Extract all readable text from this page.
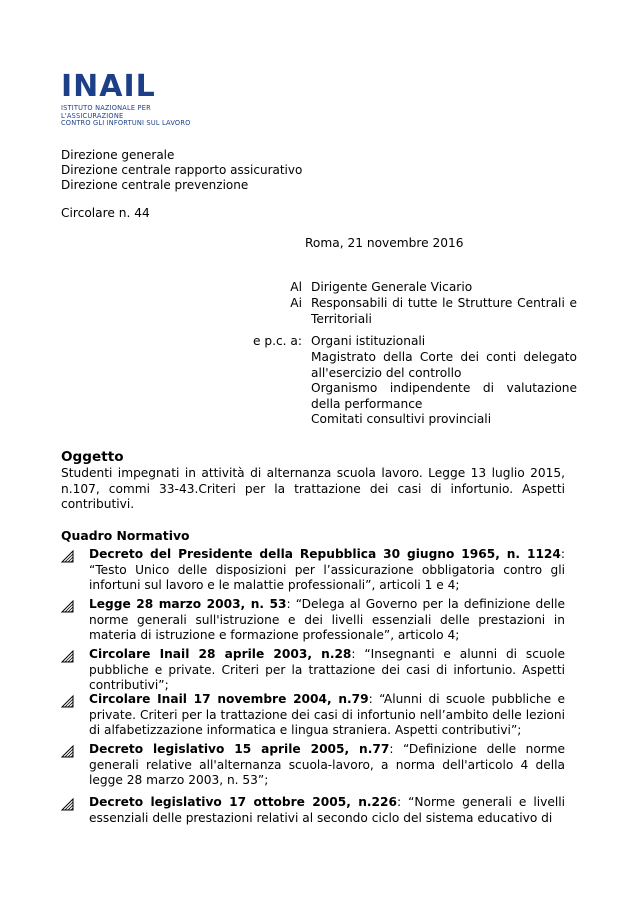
INAIL
ISTITUTO NAZIONALE PER L'ASSICURAZIONE
CONTRO GLI INFORTUNI SUL LAVORO
Direzione generale
Direzione centrale rapporto assicurativo
Direzione centrale prevenzione
Circolare n. 44
Roma, 21 novembre 2016
Al Dirigente Generale Vicario
Ai Responsabili di tutte le Strutture Centrali e Territoriali
e p.c. a: Organi istituzionali
Magistrato della Corte dei conti delegato all'esercizio del controllo
Organismo indipendente di valutazione della performance
Comitati consultivi provinciali
Oggetto
Studenti impegnati in attività di alternanza scuola lavoro. Legge 13 luglio 2015, n.107, commi 33-43.Criteri per la trattazione dei casi di infortunio. Aspetti contributivi.
Quadro Normativo
Decreto del Presidente della Repubblica 30 giugno 1965, n. 1124: “Testo Unico delle disposizioni per l’assicurazione obbligatoria contro gli infortuni sul lavoro e le malattie professionali”, articoli 1 e 4;
Legge 28 marzo 2003, n. 53: “Delega al Governo per la definizione delle norme generali sull'istruzione e dei livelli essenziali delle prestazioni in materia di istruzione e formazione professionale”, articolo 4;
Circolare Inail 28 aprile 2003, n.28: “Insegnanti e alunni di scuole pubbliche e private. Criteri per la trattazione dei casi di infortunio. Aspetti contributivi”;
Circolare Inail 17 novembre 2004, n.79: “Alunni di scuole pubbliche e private. Criteri per la trattazione dei casi di infortunio nell’ambito delle lezioni di alfabetizzazione informatica e lingua straniera. Aspetti contributivi”;
Decreto legislativo 15 aprile 2005, n.77: “Definizione delle norme generali relative all'alternanza scuola-lavoro, a norma dell'articolo 4 della legge 28 marzo 2003, n. 53”;
Decreto legislativo 17 ottobre 2005, n.226: “Norme generali e livelli essenziali delle prestazioni relativi al secondo ciclo del sistema educativo di
